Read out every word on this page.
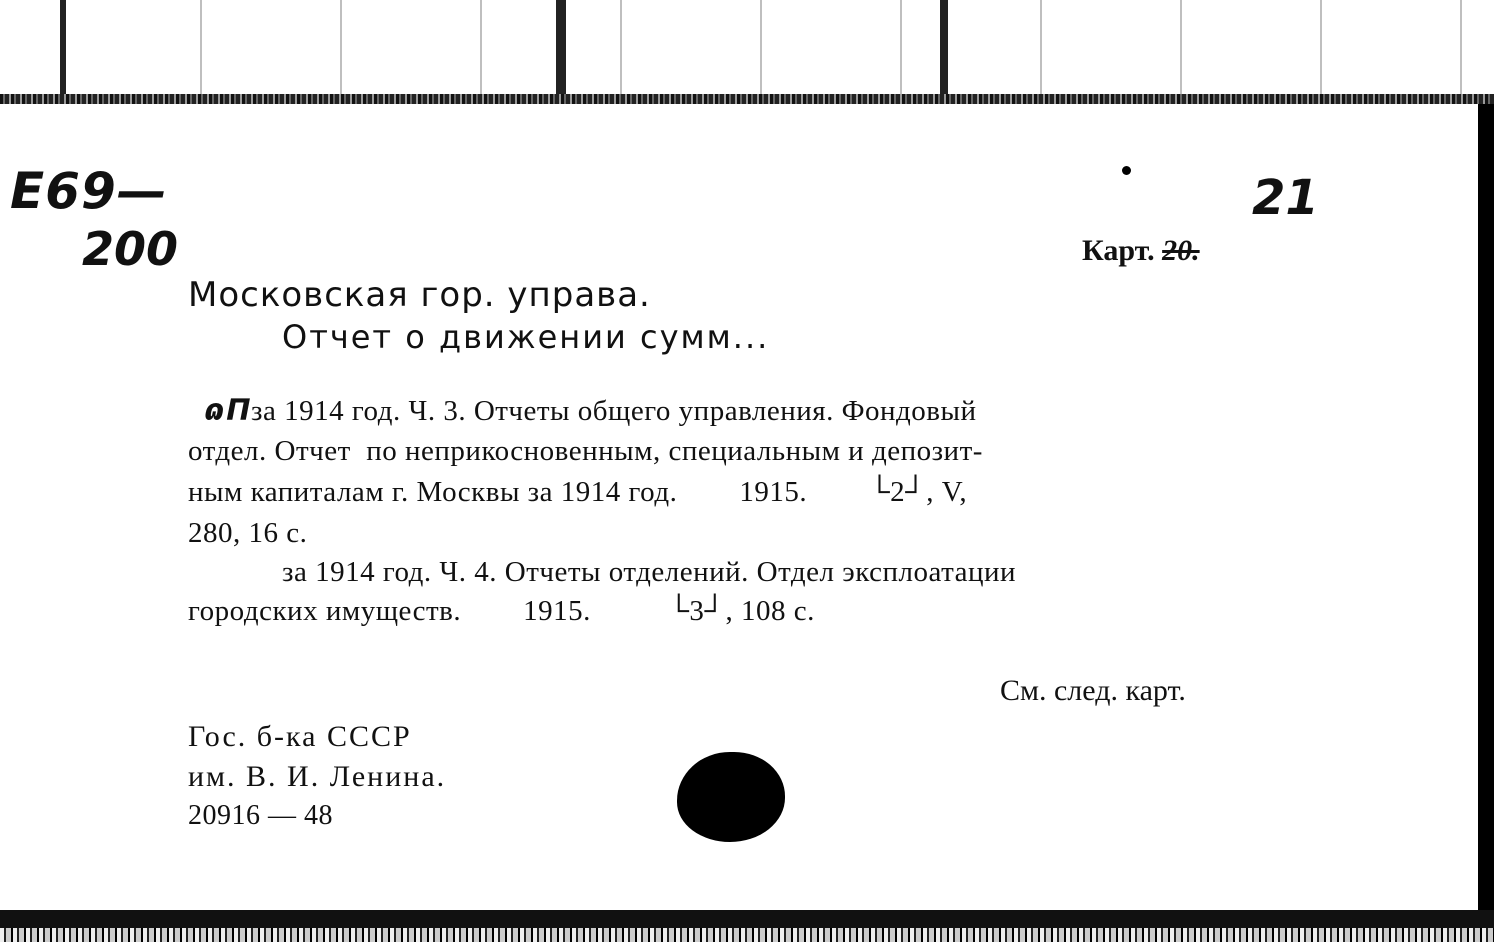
E69—
200
21
Карт. 20.
Московская гор. управа.
Отчет о движении сумм...
ɷПза 1914 год. Ч. 3. Отчеты общего управления. Фондовый
отдел. Отчет  по неприкосновенным, специальным и депозит-
ным капиталам г. Москвы за 1914 год.        1915.        └2┘, V,
280, 16 с.
за 1914 год. Ч. 4. Отчеты отделений. Отдел эксплоатации
городских имуществ.        1915.          └3┘, 108 с.
См. след. карт.
Гос. б-ка СССР
им. В. И. Ленина.
20916 — 48
